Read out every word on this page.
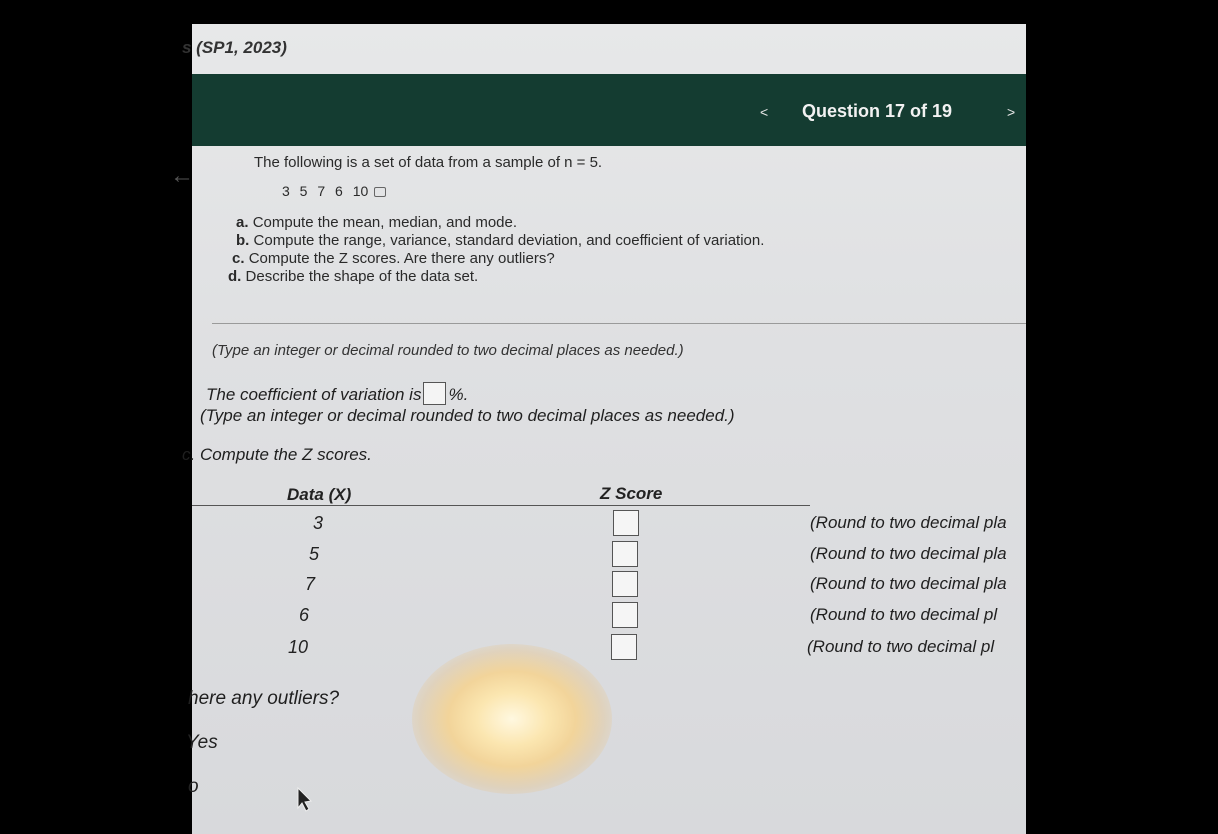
s (SP1, 2023)
< Question 17 of 19	>
←	The following is a set of data from a sample of n = 5.
3 5 7 6 10
a. Compute the mean, median, and mode.
b. Compute the range, variance, standard deviation, and coefficient of variation.
c. Compute the Z scores. Are there any outliers?
d. Describe the shape of the data set.
(Type an integer or decimal rounded to two decimal places as needed.)
The coefficient of variation is %.
(Type an integer or decimal rounded to two decimal places as needed.)
c. Compute the Z scores.
Data (X)	Z Score
3	(Round to two decimal pla
5	(Round to two decimal pla
7	(Round to two decimal pla
6	(Round to two decimal pl
10	(Round to two decimal pl
here any outliers?
Yes
o
